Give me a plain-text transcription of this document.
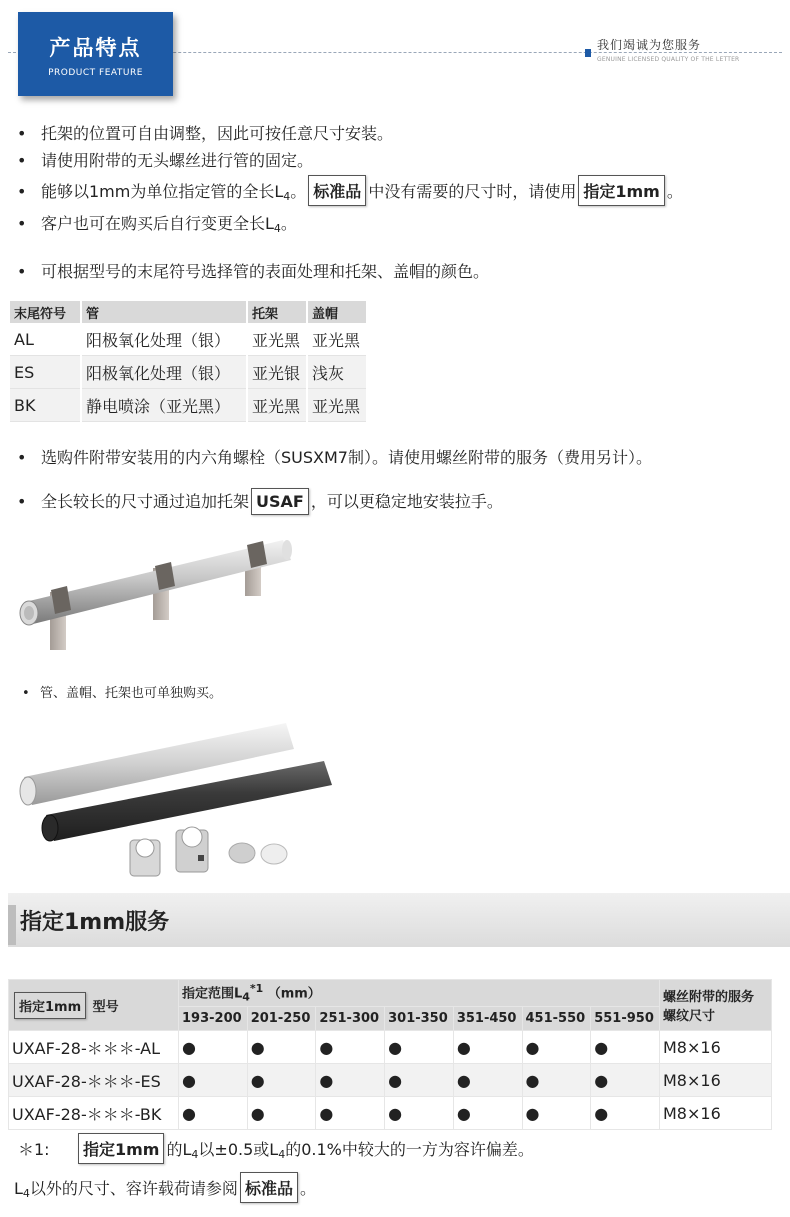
产品特点
PRODUCT FEATURE
我们竭诚为您服务
GENUINE LICENSED QUALITY OF THE LETTER
• 托架的位置可自由调整，因此可按任意尺寸安装。
• 请使用附带的无头螺丝进行管的固定。
• 能够以1mm为单位指定管的全长$L_4$。 标准品 中没有需要的尺寸时，请使用 指定1mm 。
• 客户也可在购买后自行变更全长$L_4$。
• 可根据型号的末尾符号选择管的表面处理和托架、盖帽的颜色。
末尾符号	管	托架	盖帽
AL	阳极氧化处理（银）	亚光黑	亚光黑
ES	阳极氧化处理（银）	亚光银	浅灰
BK	静电喷涂（亚光黑）	亚光黑	亚光黑
• 选购件附带安装用的内六角螺栓（SUSXM7制）。请使用螺丝附带的服务（费用另计）。
• 全长较长的尺寸通过追加托架 USAF ，可以更稳定地安装拉手。
• 管、盖帽、托架也可单独购买。
指定1mm服务
指定1mm 型号	指定范围$L_4^{*1}$ （mm）							螺丝附带的服务
螺纹尺寸

	193-200	201-250	251-300	301-350	351-450	451-550	551-950	
UXAF-28-＊＊＊-AL	●	●	●	●	●	●	●	M8×16
UXAF-28-＊＊＊-ES	●	●	●	●	●	●	●	M8×16
UXAF-28-＊＊＊-BK	●	●	●	●	●	●	●	M8×16
＊1: 指定1mm 的$L_4$以±0.5或$L_4$的0.1%中较大的一方为容许偏差。
$L_4$以外的尺寸、容许载荷请参阅 标准品 。
